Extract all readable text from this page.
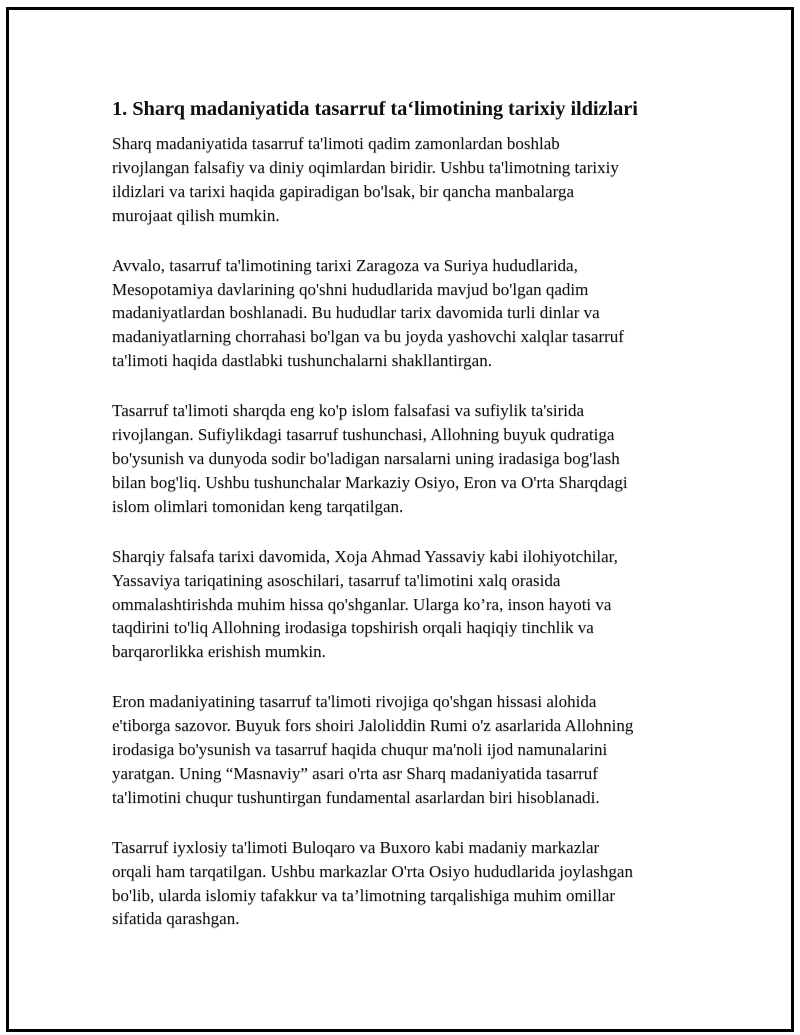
1. Sharq madaniyatida tasarruf ta‘limotining tarixiy ildizlari

Sharq madaniyatida tasarruf ta'limoti qadim zamonlardan boshlab
rivojlangan falsafiy va diniy oqimlardan biridir. Ushbu ta'limotning tarixiy
ildizlari va tarixi haqida gapiradigan bo'lsak, bir qancha manbalarga
murojaat qilish mumkin.

Avvalo, tasarruf ta'limotining tarixi Zaragoza va Suriya hududlarida,
Mesopotamiya davlarining qo'shni hududlarida mavjud bo'lgan qadim
madaniyatlardan boshlanadi. Bu hududlar tarix davomida turli dinlar va
madaniyatlarning chorrahasi bo'lgan va bu joyda yashovchi xalqlar tasarruf
ta'limoti haqida dastlabki tushunchalarni shakllantirgan.

Tasarruf ta'limoti sharqda eng ko'p islom falsafasi va sufiylik ta'sirida
rivojlangan. Sufiylikdagi tasarruf tushunchasi, Allohning buyuk qudratiga
bo'ysunish va dunyoda sodir bo'ladigan narsalarni uning iradasiga bog'lash
bilan bog'liq. Ushbu tushunchalar Markaziy Osiyo, Eron va O'rta Sharqdagi
islom olimlari tomonidan keng tarqatilgan.

Sharqiy falsafa tarixi davomida, Xoja Ahmad Yassaviy kabi ilohiyotchilar,
Yassaviya tariqatining asoschilari, tasarruf ta'limotini xalq orasida
ommalashtirishda muhim hissa qo'shganlar. Ularga ko’ra, inson hayoti va
taqdirini to'liq Allohning irodasiga topshirish orqali haqiqiy tinchlik va
barqarorlikka erishish mumkin.

Eron madaniyatining tasarruf ta'limoti rivojiga qo'shgan hissasi alohida
e'tiborga sazovor. Buyuk fors shoiri Jaloliddin Rumi o'z asarlarida Allohning
irodasiga bo'ysunish va tasarruf haqida chuqur ma'noli ijod namunalarini
yaratgan. Uning “Masnaviy” asari o'rta asr Sharq madaniyatida tasarruf
ta'limotini chuqur tushuntirgan fundamental asarlardan biri hisoblanadi.

Tasarruf iyxlosiy ta'limoti Buloqaro va Buxoro kabi madaniy markazlar
orqali ham tarqatilgan. Ushbu markazlar O'rta Osiyo hududlarida joylashgan
bo'lib, ularda islomiy tafakkur va ta’limotning tarqalishiga muhim omillar
sifatida qarashgan.
